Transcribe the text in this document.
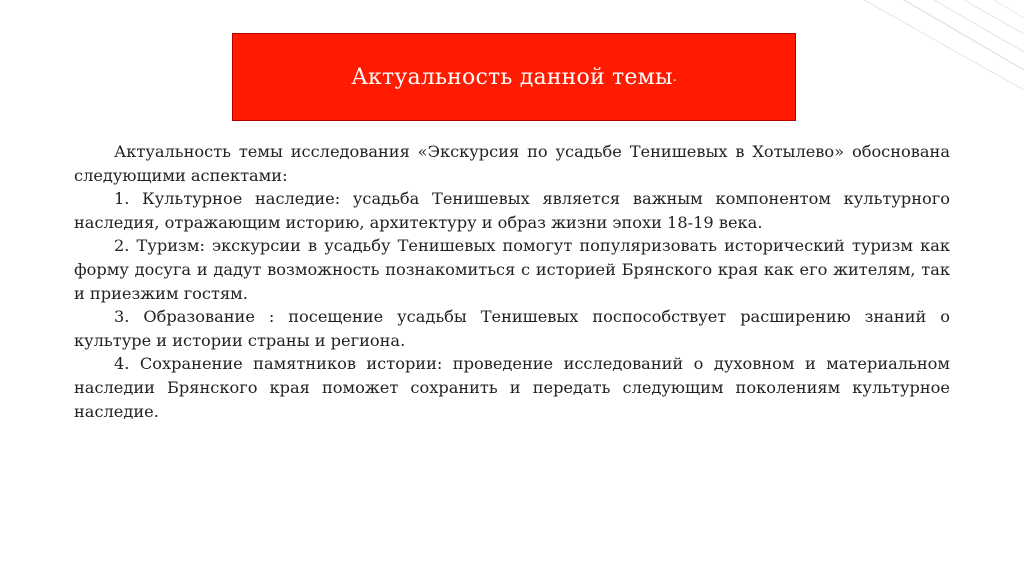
Актуальность данной темы .

Актуальность темы исследования «Экскурсия по усадьбе Тенишевых в Хотылево» обоснована следующими аспектами:

1. Культурное наследие: усадьба Тенишевых является важным компонентом культурного наследия, отражающим историю, архитектуру и образ жизни эпохи 18-19 века.

2. Туризм: экскурсии в усадьбу Тенишевых помогут популяризовать исторический туризм как форму досуга и дадут возможность познакомиться с историей Брянского края как его жителям, так и приезжим гостям.

3. Образование : посещение усадьбы Тенишевых поспособствует расширению знаний о культуре и истории страны и региона.

4. Сохранение памятников истории: проведение исследований о духовном и материальном наследии Брянского края поможет сохранить и передать следующим поколениям культурное наследие.
